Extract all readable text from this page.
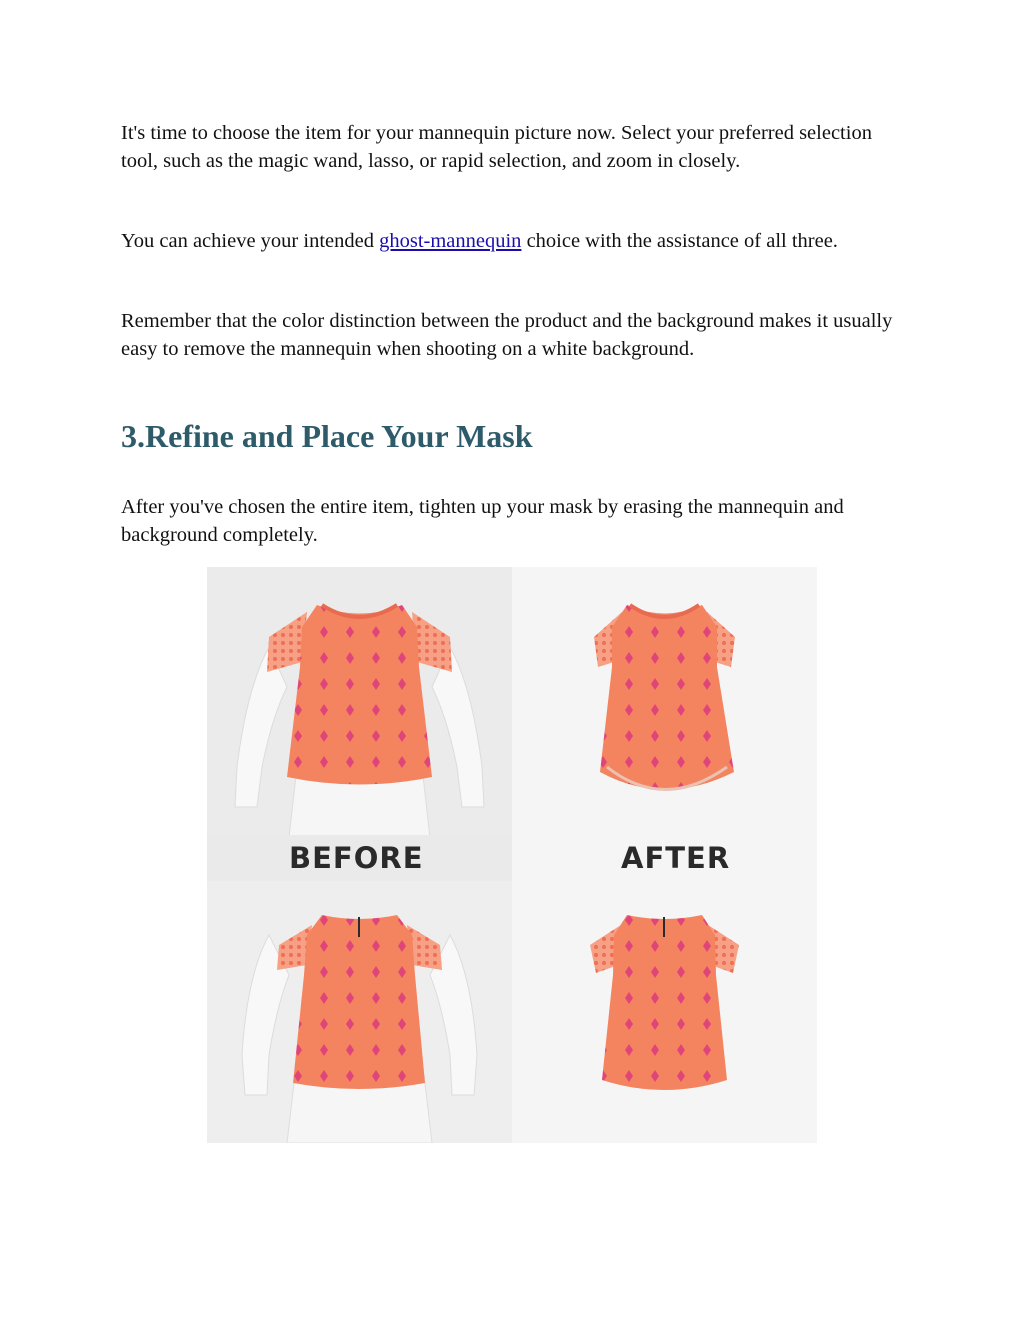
It's time to choose the item for your mannequin picture now. Select your preferred selection tool, such as the magic wand, lasso, or rapid selection, and zoom in closely.

You can achieve your intended ghost-mannequin choice with the assistance of all three.

Remember that the color distinction between the product and the background makes it usually easy to remove the mannequin when shooting on a white background.

3.Refine and Place Your Mask

After you've chosen the entire item, tighten up your mask by erasing the mannequin and background completely.

BEFORE	AFTER
